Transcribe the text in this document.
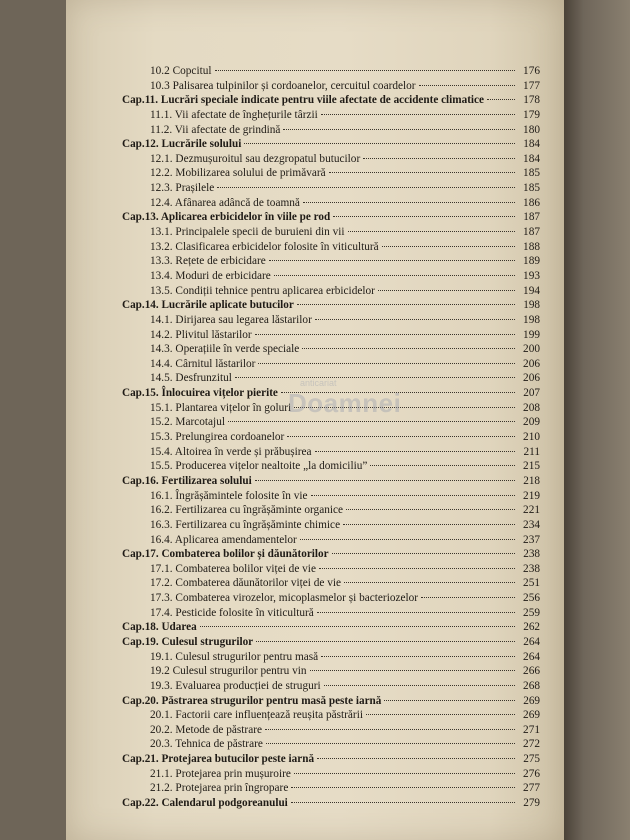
10.2 Copcitul	176
10.3 Palisarea tulpinilor și cordoanelor, cercuitul coardelor	177
Cap.11. Lucrări speciale indicate pentru viile afectate de accidente climatice	178
11.1. Vii afectate de înghețurile târzii	179
11.2. Vii afectate de grindină	180
Cap.12. Lucrările solului	184
12.1. Dezmușuroitul sau dezgropatul butucilor	184
12.2. Mobilizarea solului de primăvară	185
12.3. Prașilele	185
12.4. Afânarea adâncă de toamnă	186
Cap.13. Aplicarea erbicidelor în viile pe rod	187
13.1. Principalele specii de buruieni din vii	187
13.2. Clasificarea erbicidelor folosite în viticultură	188
13.3. Rețete de erbicidare	189
13.4. Moduri de erbicidare	193
13.5. Condiții tehnice pentru aplicarea erbicidelor	194
Cap.14. Lucrările aplicate butucilor	198
14.1. Dirijarea sau legarea lăstarilor	198
14.2. Plivitul lăstarilor	199
14.3. Operațiile în verde speciale	200
14.4. Cârnitul lăstarilor	206
14.5. Desfrunzitul	206
Cap.15. Înlocuirea vițelor pierite	207
15.1. Plantarea vițelor în goluri	208
15.2. Marcotajul	209
15.3. Prelungirea cordoanelor	210
15.4. Altoirea în verde și prăbușirea	211
15.5. Producerea vițelor nealtoite „la domiciliu”	215
Cap.16. Fertilizarea solului	218
16.1. Îngrășămintele folosite în vie	219
16.2. Fertilizarea cu îngrășăminte organice	221
16.3. Fertilizarea cu îngrășăminte chimice	234
16.4. Aplicarea amendamentelor	237
Cap.17. Combaterea bolilor și dăunătorilor	238
17.1. Combaterea bolilor viței de vie	238
17.2. Combaterea dăunătorilor viței de vie	251
17.3. Combaterea virozelor, micoplasmelor și bacteriozelor	256
17.4. Pesticide folosite în viticultură	259
Cap.18. Udarea	262
Cap.19. Culesul strugurilor	264
19.1. Culesul strugurilor pentru masă	264
19.2 Culesul strugurilor pentru vin	266
19.3. Evaluarea producției de struguri	268
Cap.20. Păstrarea strugurilor pentru masă peste iarnă	269
20.1. Factorii care influențează reușita păstrării	269
20.2. Metode de păstrare	271
20.3. Tehnica de păstrare	272
Cap.21. Protejarea butucilor peste iarnă	275
21.1. Protejarea prin mușuroire	276
21.2. Protejarea prin îngropare	277
Cap.22. Calendarul podgoreanului	279
anticariat
Doamnei
